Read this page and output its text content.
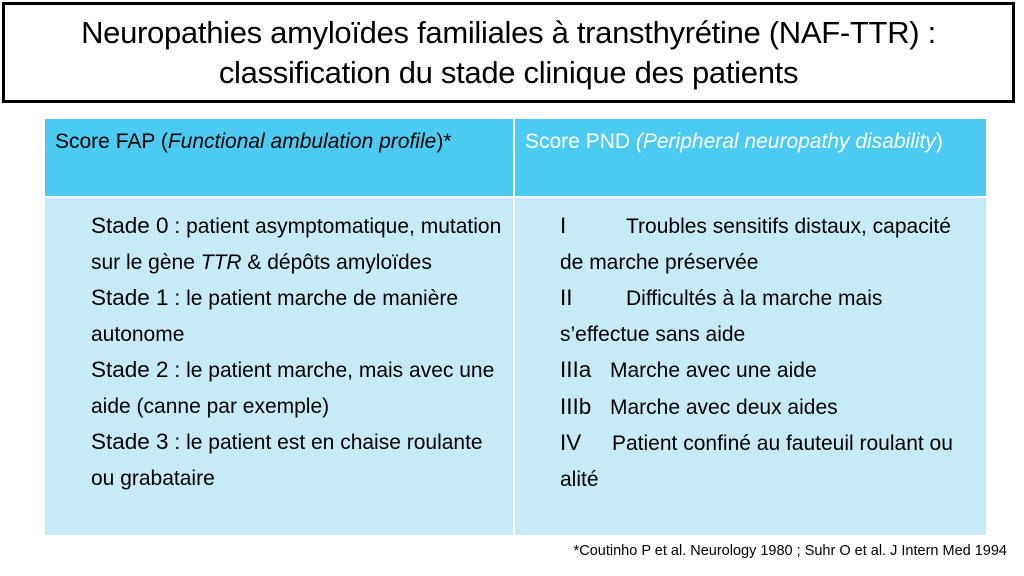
Neuropathies amyloïdes familiales à transthyrétine (NAF-TTR) :
classification du stade clinique des patients
Score FAP (Functional ambulation profile)*	Score PND (Peripheral neuropathy disability)
Stade 0 : patient asymptomatique, mutation sur le gène TTR & dépôts amyloïdes
Stade 1 : le patient marche de manière autonome
Stade 2 : le patient marche, mais avec une aide (canne par exemple)
Stade 3 : le patient est en chaise roulante ou grabataire
I	Troubles sensitifs distaux, capacité de marche préservée
II	Difficultés à la marche mais s’effectue sans aide
IIIa Marche avec une aide
IIIb Marche avec deux aides
IV Patient confiné au fauteuil roulant ou alité
*Coutinho P et al. Neurology 1980 ; Suhr O et al. J Intern Med 1994
